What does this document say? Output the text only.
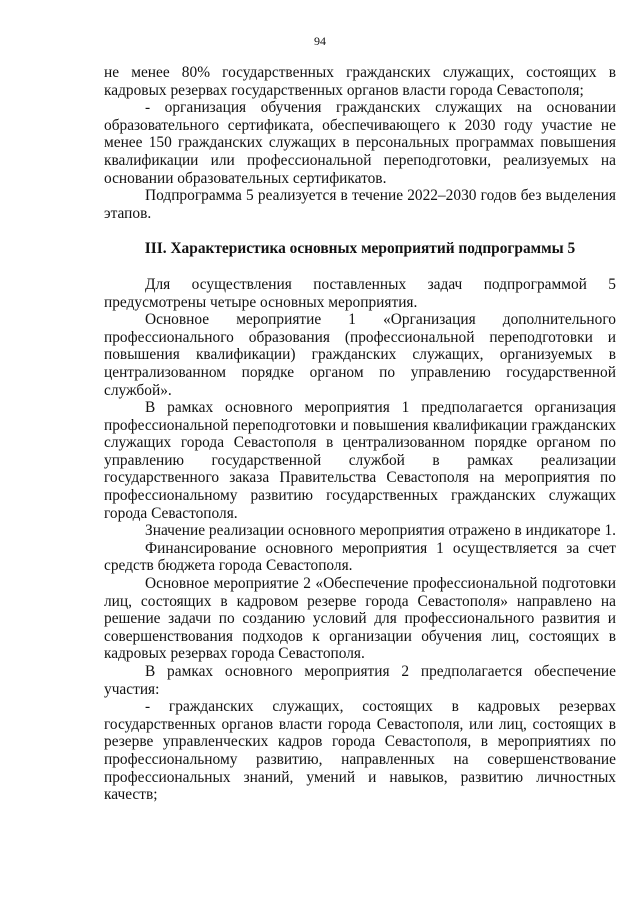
94

не менее 80% государственных гражданских служащих, состоящих в кадровых резервах государственных органов власти города Севастополя;

- организация обучения гражданских служащих на основании образовательного сертификата, обеспечивающего к 2030 году участие не менее 150 гражданских служащих в персональных программах повышения квалификации или профессиональной переподготовки, реализуемых на основании образовательных сертификатов.

Подпрограмма 5 реализуется в течение 2022–2030 годов без выделения этапов.

III. Характеристика основных мероприятий подпрограммы 5

Для осуществления поставленных задач подпрограммой 5 предусмотрены четыре основных мероприятия.

Основное мероприятие 1 «Организация дополнительного профессионального образования (профессиональной переподготовки и повышения квалификации) гражданских служащих, организуемых в централизованном порядке органом по управлению государственной службой».

В рамках основного мероприятия 1 предполагается организация профессиональной переподготовки и повышения квалификации гражданских служащих города Севастополя в централизованном порядке органом по управлению государственной службой в рамках реализации государственного заказа Правительства Севастополя на мероприятия по профессиональному развитию государственных гражданских служащих города Севастополя.

Значение реализации основного мероприятия отражено в индикаторе 1.

Финансирование основного мероприятия 1 осуществляется за счет средств бюджета города Севастополя.

Основное мероприятие 2 «Обеспечение профессиональной подготовки лиц, состоящих в кадровом резерве города Севастополя» направлено на решение задачи по созданию условий для профессионального развития и совершенствования подходов к организации обучения лиц, состоящих в кадровых резервах города Севастополя.

В рамках основного мероприятия 2 предполагается обеспечение участия:

- гражданских служащих, состоящих в кадровых резервах государственных органов власти города Севастополя, или лиц, состоящих в резерве управленческих кадров города Севастополя, в мероприятиях по профессиональному развитию, направленных на совершенствование профессиональных знаний, умений и навыков, развитию личностных качеств;
